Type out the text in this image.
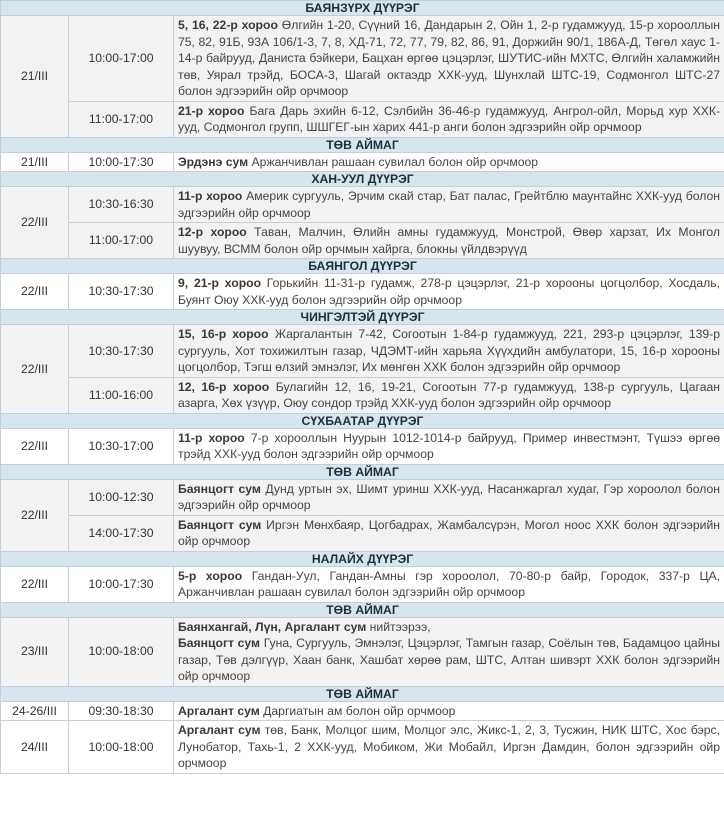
БАЯНЗҮРХ ДҮҮРЭГ		
21/III	10:00-17:00	5, 16, 22-р хороо Өлгийн 1-20, Сүүний 16, Дандарын 2, Ойн 1, 2-р гудамжууд, 15-р хорооллын 75, 82, 91Б, 93А 106/1-3, 7, 8, ХД-71, 72, 77, 79, 82, 86, 91, Доржийн 90/1, 186А-Д, Төгөл хаус 1-14-р байрууд, Даниста бэйкери, Бацхан өргөө цэцэрлэг, ШУТИС-ийн МХТС, Өлгийн халамжийн төв, Уярал трэйд, БОСА-3, Шагай октаэдр ХХК-ууд, Шунхлай ШТС-19, Содмонгол ШТС-27 болон эдгээрийн ойр орчмоор

	11:00-17:00	21-р хороо Бага Дарь эхийн 6-12, Сэлбийн 36-46-р гудамжууд, Ангрол-ойл, Морьд хур ХХК-ууд, Содмонгол групп, ШШГЕГ-ын харих 441-р анги болон эдгээрийн ойр орчмоор

ТӨВ АЙМАГ		
21/III	10:00-17:30	Эрдэнэ сум Аржанчивлан рашаан сувилал болон ойр орчмоор

ХАН-УУЛ ДҮҮРЭГ		
22/III	10:30-16:30	11-р хороо Америк сургууль, Эрчим скай стар, Бат палас, Грейтблю маунтайнс ХХК-ууд болон эдгээрийн ойр орчмоор

	11:00-17:00	12-р хороо Таван, Малчин, Өлийн амны гудамжууд, Монстрой, Өвөр харзат, Их Монгол шуувуу, ВСММ болон ойр орчмын хайрга, блокны үйлдвэрүүд

БАЯНГОЛ ДҮҮРЭГ		
22/III	10:30-17:30	9, 21-р хороо Горькийн 11-31-р гудамж, 278-р цэцэрлэг, 21-р хорооны цогцолбор, Хосдаль, Буянт Оюу ХХК-ууд болон эдгээрийн ойр орчмоор

ЧИНГЭЛТЭЙ ДҮҮРЭГ		
22/III	10:30-17:30	15, 16-р хороо Жаргалантын 7-42, Согоотын 1-84-р гудамжууд, 221, 293-р цэцэрлэг, 139-р сургууль, Хот тохижилтын газар, ЧДЭМТ-ийн харьяа Хүүхдийн амбулатори, 15, 16-р хорооны цогцолбор, Тэгш өлзий эмнэлэг, Их мөнгөн ХХК болон эдгээрийн ойр орчмоор

	11:00-16:00	12, 16-р хороо Булагийн 12, 16, 19-21, Согоотын 77-р гудамжууд, 138-р сургууль, Цагаан азарга, Хөх үзүүр, Оюу сондор трэйд ХХК-ууд болон эдгээрийн ойр орчмоор

СҮХБААТАР ДҮҮРЭГ		
22/III	10:30-17:00	11-р хороо 7-р хорооллын Нуурын 1012-1014-р байрууд, Пример инвестмэнт, Түшээ өргөө трэйд ХХК-ууд болон эдгээрийн ойр орчмоор

ТӨВ АЙМАГ		
22/III	10:00-12:30	Баянцогт сум Дунд уртын эх, Шимт уринш ХХК-ууд, Насанжаргал худаг, Гэр хороолол болон эдгээрийн ойр орчмоор

	14:00-17:30	Баянцогт сум Иргэн Мөнхбаяр, Цогбадрах, Жамбалсүрэн, Могол ноос ХХК болон эдгээрийн ойр орчмоор

НАЛАЙХ ДҮҮРЭГ		
22/III	10:00-17:30	5-р хороо Гандан-Уул, Гандан-Амны гэр хороолол, 70-80-р байр, Городок, 337-р ЦА, Аржанчивлан рашаан сувилал болон эдгээрийн ойр орчмоор

ТӨВ АЙМАГ		
23/III	10:00-18:00	Баянхангай, Лүн, Аргалант сум нийтээрээ,
Баянцогт сум Гуна, Сургууль, Эмнэлэг, Цэцэрлэг, Тамгын газар, Соёлын төв, Бадамцоо цайны газар, Төв дэлгүүр, Хаан банк, Хашбат хөрөө рам, ШТС, Алтан шивэрт ХХК болон эдгээрийн ойр орчмоор

ТӨВ АЙМАГ		
24-26/III	09:30-18:30	Аргалант сум Даргиатын ам болон ойр орчмоор

24/III	10:00-18:00	Аргалант сум төв, Банк, Молцог шим, Молцог элс, Жикс-1, 2, 3, Тусжин, НИК ШТС, Хос бэрс, Лунобатор, Тахь-1, 2 ХХК-ууд, Мобиком, Жи Мобайл, Иргэн Дамдин, болон эдгээрийн ойр орчмоор
